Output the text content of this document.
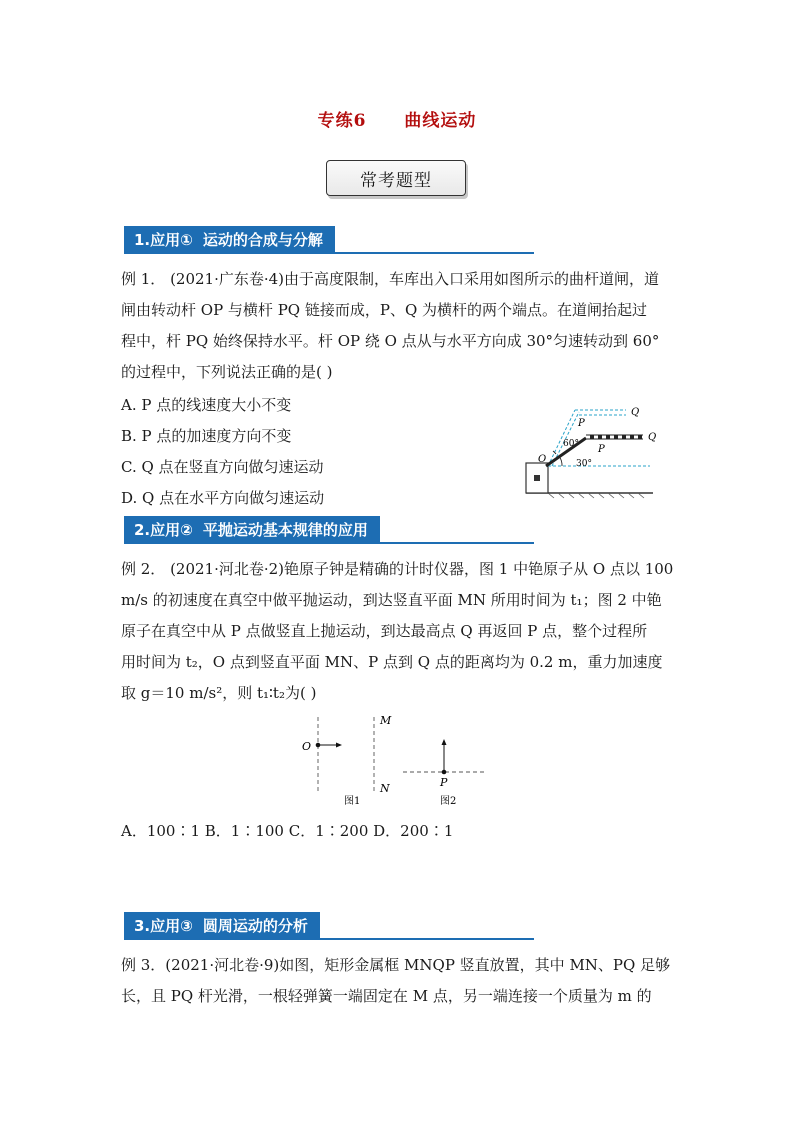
专练6 曲线运动
常考题型
1.应用① 运动的合成与分解
例 1． (2021·广东卷·4)由于高度限制，车库出入口采用如图所示的曲杆道闸，道
闸由转动杆 OP 与横杆 PQ 链接而成，P、Q 为横杆的两个端点。在道闸抬起过
程中，杆 PQ 始终保持水平。杆 OP 绕 O 点从与水平方向成 30°匀速转动到 60°
的过程中，下列说法正确的是( )
A. P 点的线速度大小不变
B. P 点的加速度方向不变
C. Q 点在竖直方向做匀速运动
D. Q 点在水平方向做匀速运动
O
P
Q
P
Q
60°
30°
2.应用② 平抛运动基本规律的应用
例 2． (2021·河北卷·2)铯原子钟是精确的计时仪器，图 1 中铯原子从 O 点以 100
m/s 的初速度在真空中做平抛运动，到达竖直平面 MN 所用时间为 t₁；图 2 中铯
原子在真空中从 P 点做竖直上抛运动，到达最高点 Q 再返回 P 点，整个过程所
用时间为 t₂，O 点到竖直平面 MN、P 点到 Q 点的距离均为 0.2 m，重力加速度
取 g＝10 m/s²，则 t₁∶t₂为( )
O
M
N
图1
P
图2
A．100∶1 B．1∶100 C．1∶200 D．200∶1
3.应用③ 圆周运动的分析
例 3．(2021·河北卷·9)如图，矩形金属框 MNQP 竖直放置，其中 MN、PQ 足够
长，且 PQ 杆光滑，一根轻弹簧一端固定在 M 点，另一端连接一个质量为 m 的
